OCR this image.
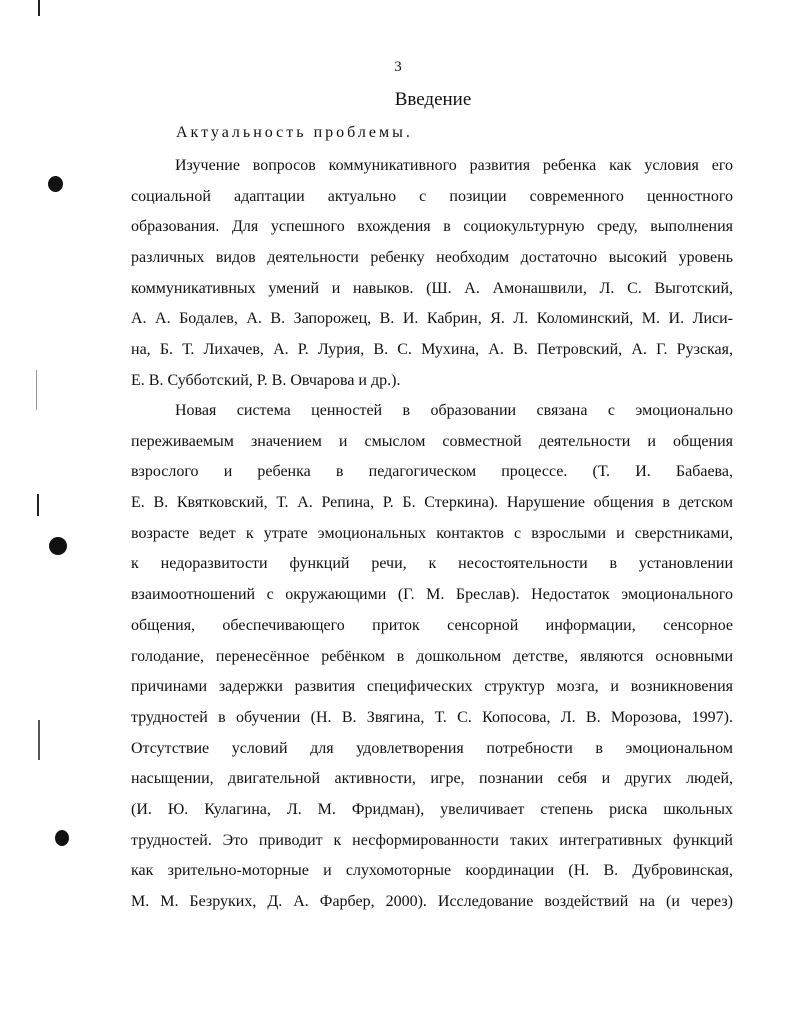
3
Введение
Актуальность проблемы.
Изучение вопросов коммуникативного развития ребенка как условия его
социальной адаптации актуально с позиции современного ценностного
образования. Для успешного вхождения в социокультурную среду, выполнения
различных видов деятельности ребенку необходим достаточно высокий уровень
коммуникативных умений и навыков. (Ш. А. Амонашвили, Л. С. Выготский,
А. А. Бодалев, А. В. Запорожец, В. И. Кабрин, Я. Л. Коломинский, М. И. Лиси-
на, Б. Т. Лихачев, А. Р. Лурия, В. С. Мухина, А. В. Петровский, А. Г. Рузская,
Е. В. Субботский, Р. В. Овчарова и др.).
Новая система ценностей в образовании связана с эмоционально
переживаемым значением и смыслом совместной деятельности и общения
взрослого и ребенка в педагогическом процессе. (Т. И. Бабаева,
Е. В. Квятковский, Т. А. Репина, Р. Б. Стеркина). Нарушение общения в детском
возрасте ведет к утрате эмоциональных контактов с взрослыми и сверстниками,
к недоразвитости функций речи, к несостоятельности в установлении
взаимоотношений с окружающими (Г. М. Бреслав). Недостаток эмоционального
общения, обеспечивающего приток сенсорной информации, сенсорное
голодание, перенесённое ребёнком в дошкольном детстве, являются основными
причинами задержки развития специфических структур мозга, и возникновения
трудностей в обучении (Н. В. Звягина, Т. С. Копосова, Л. В. Морозова, 1997).
Отсутствие условий для удовлетворения потребности в эмоциональном
насыщении, двигательной активности, игре, познании себя и других людей,
(И. Ю. Кулагина, Л. М. Фридман), увеличивает степень риска школьных
трудностей. Это приводит к несформированности таких интегративных функций
как зрительно-моторные и слухомоторные координации (Н. В. Дубровинская,
М. М. Безруких, Д. А. Фарбер, 2000). Исследование воздействий на (и через)
